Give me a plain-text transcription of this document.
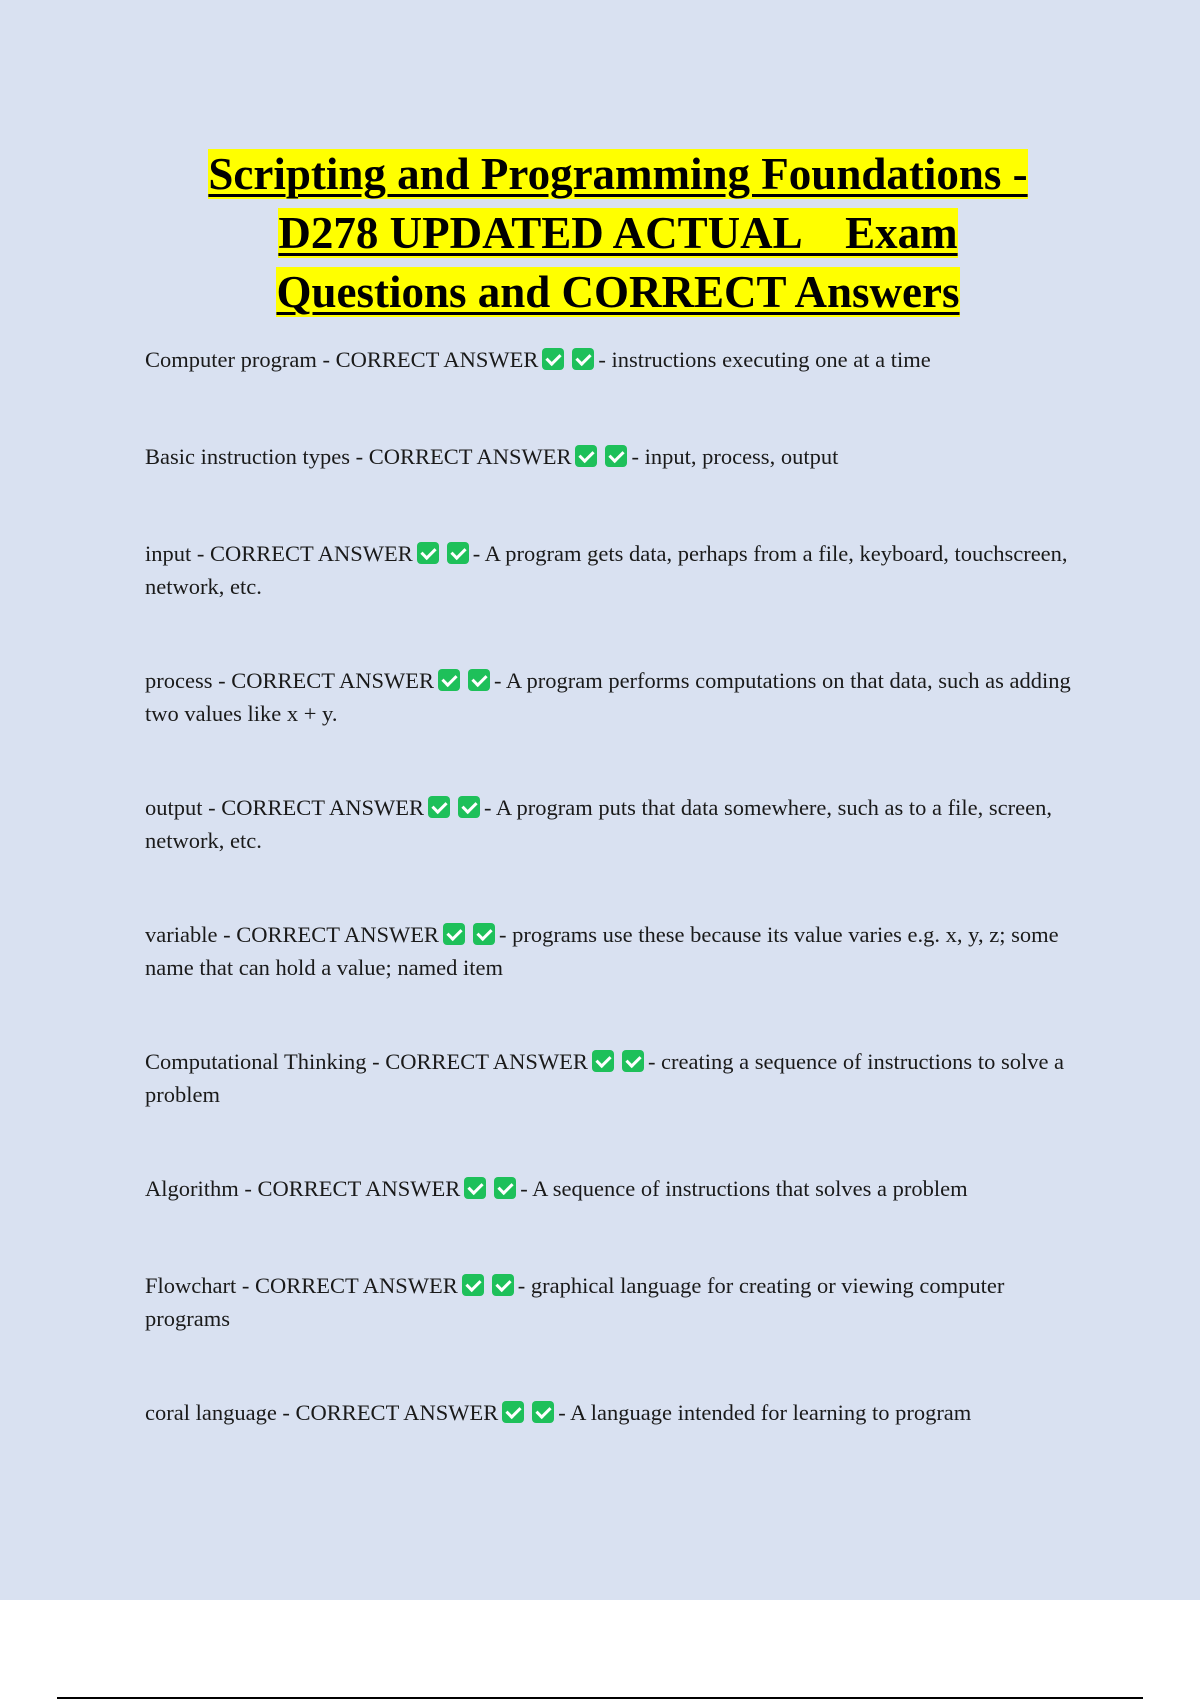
Scripting and Programming Foundations -
D278 UPDATED ACTUAL    Exam
Questions and CORRECT Answers
Computer program - CORRECT ANSWER	- instructions executing one at a time
Basic instruction types - CORRECT ANSWER	- input, process, output
input - CORRECT ANSWER	- A program gets data, perhaps from a file, keyboard, touchscreen, network, etc.
process - CORRECT ANSWER	- A program performs computations on that data, such as adding two values like x + y.
output - CORRECT ANSWER	- A program puts that data somewhere, such as to a file, screen, network, etc.
variable - CORRECT ANSWER	- programs use these because its value varies e.g. x, y, z; some name that can hold a value; named item
Computational Thinking - CORRECT ANSWER	- creating a sequence of instructions to solve a problem
Algorithm - CORRECT ANSWER	- A sequence of instructions that solves a problem
Flowchart - CORRECT ANSWER	- graphical language for creating or viewing computer programs
coral language - CORRECT ANSWER	- A language intended for learning to program
